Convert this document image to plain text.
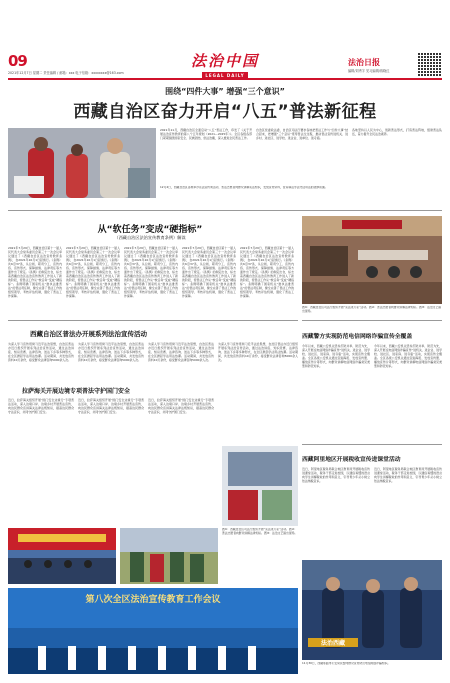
09
2021年12月7日 星期二 责任编辑 / 邮箱：xxx 电子信箱：xxxxxxxx@163.com
法治中国
LEGAL DAILY
法治日报
编辑/刘秀宇 见习编辑/蒋晓红
围绕“四件大事” 增强“三个意识”
西藏自治区奋力开启“八五”普法新征程
12月4日，西藏自治区各地举办宪法宣传周活动，普法志愿者向群众讲解宪法知识，发放宣传资料，营造尊法学法守法用法的浓厚氛围。
2021年11月，西藏自治区全面启动“八五”普法工作，印发了《关于开展法治宣传教育的第八个五年规划（2021—2025年）》。全区各级各部门紧紧围绕国家安全、民族团结、依法治藏，深入推进全民普法工作。
自治区党委政法委、自治区司法厅要求各地把普法工作与“四件大事”结合起来，把增强“三个意识”贯穿普法全过程，推动普法宣传进机关、进乡村、进社区、进学校、进企业、进单位、进寺庙。
各地坚持以人民为中心，创新普法形式，打造普法阵地，组建普法队伍，着力提升全民法治素养。
从“软任务”变成“硬指标”
（西藏自治区法治宣传教育条例）解读
2021年7月29日，西藏自治区第十一届人民代表大会常务委员会第三十一次会议审议通过了《西藏自治区法治宣传教育条例》，自2021年10月1日起施行。《条例》共6章37条，从总则、职责分工、宣传内容、宣传形式、保障措施、法律责任等方面作出了规定。《条例》的制定出台，标志着西藏自治区法治宣传教育工作进入了新的阶段，使普法工作从“软任务”变成“硬指标”。条例明确了国家机关“谁执法谁普法”的普法责任制，健全完善了普法工作的组织领导、考核评估机制，强化了普法工作保障。
2021年7月29日，西藏自治区第十一届人民代表大会常务委员会第三十一次会议审议通过了《西藏自治区法治宣传教育条例》，自2021年10月1日起施行。《条例》共6章37条，从总则、职责分工、宣传内容、宣传形式、保障措施、法律责任等方面作出了规定。《条例》的制定出台，标志着西藏自治区法治宣传教育工作进入了新的阶段，使普法工作从“软任务”变成“硬指标”。条例明确了国家机关“谁执法谁普法”的普法责任制，健全完善了普法工作的组织领导、考核评估机制，强化了普法工作保障。
2021年7月29日，西藏自治区第十一届人民代表大会常务委员会第三十一次会议审议通过了《西藏自治区法治宣传教育条例》，自2021年10月1日起施行。《条例》共6章37条，从总则、职责分工、宣传内容、宣传形式、保障措施、法律责任等方面作出了规定。《条例》的制定出台，标志着西藏自治区法治宣传教育工作进入了新的阶段，使普法工作从“软任务”变成“硬指标”。条例明确了国家机关“谁执法谁普法”的普法责任制，健全完善了普法工作的组织领导、考核评估机制，强化了普法工作保障。
2021年7月29日，西藏自治区第十一届人民代表大会常务委员会第三十一次会议审议通过了《西藏自治区法治宣传教育条例》，自2021年10月1日起施行。《条例》共6章37条，从总则、职责分工、宣传内容、宣传形式、保障措施、法律责任等方面作出了规定。《条例》的制定出台，标志着西藏自治区法治宣传教育工作进入了新的阶段，使普法工作从“软任务”变成“硬指标”。条例明确了国家机关“谁执法谁普法”的普法责任制，健全完善了普法工作的组织领导、考核评估机制，强化了普法工作保障。
2021年7月29日，西藏自治区第十一届人民代表大会常务委员会第三十一次会议审议通过了《西藏自治区法治宣传教育条例》，自2021年10月1日起施行。《条例》共6章37条，从总则、职责分工、宣传内容、宣传形式、保障措施、法律责任等方面作出了规定。《条例》的制定出台，标志着西藏自治区法治宣传教育工作进入了新的阶段，使普法工作从“软任务”变成“硬指标”。条例明确了国家机关“谁执法谁普法”的普法责任制，健全完善了普法工作的组织领导、考核评估机制，强化了普法工作保障。
图①：西藏自治区司法厅组织开展“宪法进万家”活动。图②：普法志愿者向群众讲解法律知识。图③：法治文艺演出现场。
西藏自治区普法办开展系列法治宣传活动
为深入学习宣传贯彻习近平法治思想，自治区普法办近日组织开展系列法治宣传活动，通过法治讲座、知识竞赛、法律咨询、送法下乡等多种形式，在全区掀起学法用法热潮。活动期间，共发放宣传资料10万余份，接受群众法律咨询5000余人次。
为深入学习宣传贯彻习近平法治思想，自治区普法办近日组织开展系列法治宣传活动，通过法治讲座、知识竞赛、法律咨询、送法下乡等多种形式，在全区掀起学法用法热潮。活动期间，共发放宣传资料10万余份，接受群众法律咨询5000余人次。
为深入学习宣传贯彻习近平法治思想，自治区普法办近日组织开展系列法治宣传活动，通过法治讲座、知识竞赛、法律咨询、送法下乡等多种形式，在全区掀起学法用法热潮。活动期间，共发放宣传资料10万余份，接受群众法律咨询5000余人次。
为深入学习宣传贯彻习近平法治思想，自治区普法办近日组织开展系列法治宣传活动，通过法治讲座、知识竞赛、法律咨询、送法下乡等多种形式，在全区掀起学法用法热潮。活动期间，共发放宣传资料10万余份，接受群众法律咨询5000余人次。
拉萨海关开展边境专项普法守护国门安全
近日，拉萨海关组织开展“国门安全边境行”专项普法活动，深入边境口岸、边境乡村开展普法宣传，向边民群众宣讲海关法律法规知识，提高边民群众守法意识，共同守护国门安全。
近日，拉萨海关组织开展“国门安全边境行”专项普法活动，深入边境口岸、边境乡村开展普法宣传，向边民群众宣讲海关法律法规知识，提高边民群众守法意识，共同守护国门安全。
近日，拉萨海关组织开展“国门安全边境行”专项普法活动，深入边境口岸、边境乡村开展普法宣传，向边民群众宣讲海关法律法规知识，提高边民群众守法意识，共同守护国门安全。
图①：西藏自治区司法厅组织开展“宪法进万家”活动。图②：普法志愿者向群众讲解法律知识。图③：法治文艺演出现场。
第八次全区法治宣传教育工作会议
西藏警方实现防范电信网络诈骗宣传全覆盖
今年以来，西藏公安机关坚持打防并举、防范为先，深入开展反电信网络诈骗宣传“进机关、进企业、进学校、进社区、进家庭、进寺庙”活动，实现宣传全覆盖。全区各级公安机关通过张贴海报、发放宣传册、播放宣传片等形式，向群众讲解电信网络诈骗常见类型和防范知识。
今年以来，西藏公安机关坚持打防并举、防范为先，深入开展反电信网络诈骗宣传“进机关、进企业、进学校、进社区、进家庭、进寺庙”活动，实现宣传全覆盖。全区各级公安机关通过张贴海报、发放宣传册、播放宣传片等形式，向群众讲解电信网络诈骗常见类型和防范知识。
西藏阿里地区开展税收宣传进课堂活动
近日，阿里地区税务局联合地区教育局开展税收宣传进课堂活动，税务干部走进校园，以通俗易懂的语言向学生讲解税收的作用和意义，引导青少年从小树立依法纳税意识。
近日，阿里地区税务局联合地区教育局开展税收宣传进课堂活动，税务干部走进校园，以通俗易懂的语言向学生讲解税收的作用和意义，引导青少年从小树立依法纳税意识。
法治西藏
11月30日，西藏那曲市公安局民警向群众宣传防范电信网络诈骗知识。
